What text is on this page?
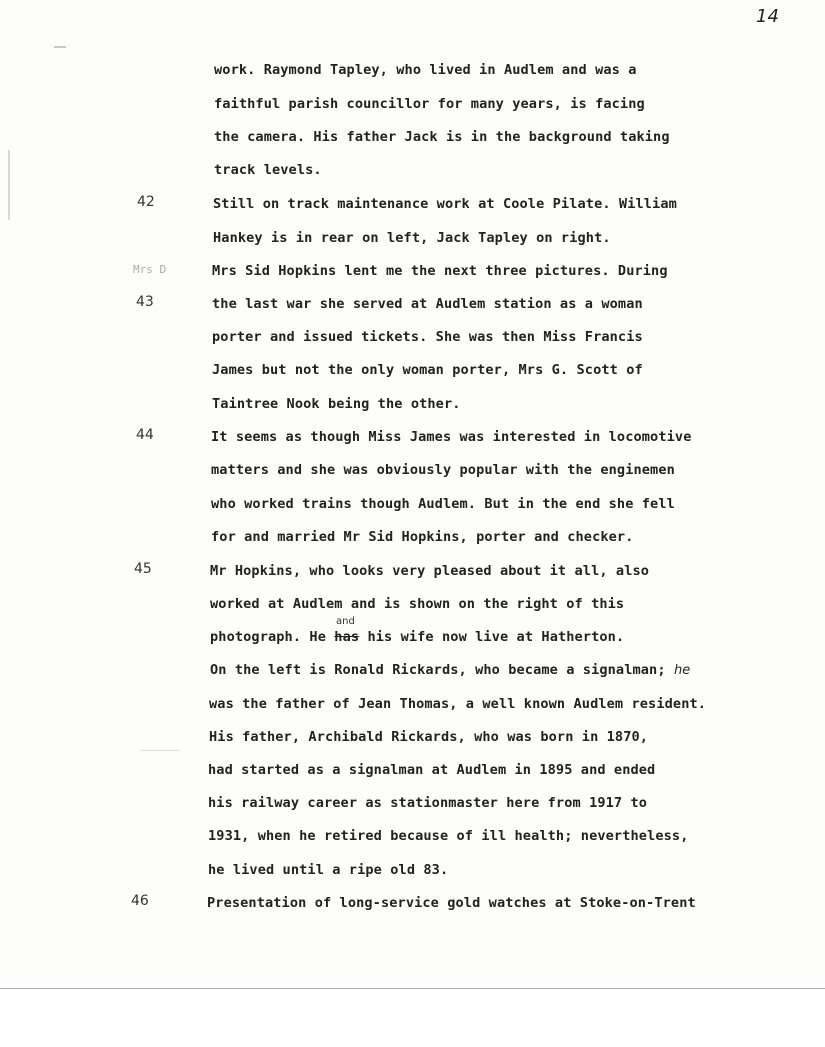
14
work. Raymond Tapley, who lived in Audlem and was a
faithful parish councillor for many years, is facing
the camera. His father Jack is in the background taking
track levels.
42	Still on track maintenance work at Coole Pilate. William
Hankey is in rear on left, Jack Tapley on right.
Mrs D	Mrs Sid Hopkins lent me the next three pictures. During
43	the last war she served at Audlem station as a woman
porter and issued tickets. She was then Miss Francis
James but not the only woman porter, Mrs G. Scott of
Taintree Nook being the other.
44	It seems as though Miss James was interested in locomotive
matters and she was obviously popular with the enginemen
who worked trains though Audlem. But in the end she fell
for and married Mr Sid Hopkins, porter and checker.
45	Mr Hopkins, who looks very pleased about it all, also
worked at Audlem and is shown on the right of this
and
photograph. He has his wife now live at Hatherton.
On the left is Ronald Rickards, who became a signalman; he
was the father of Jean Thomas, a well known Audlem resident.
His father, Archibald Rickards, who was born in 1870,
had started as a signalman at Audlem in 1895 and ended
his railway career as stationmaster here from 1917 to
1931, when he retired because of ill health; nevertheless,
he lived until a ripe old 83.
46	Presentation of long-service gold watches at Stoke-on-Trent
